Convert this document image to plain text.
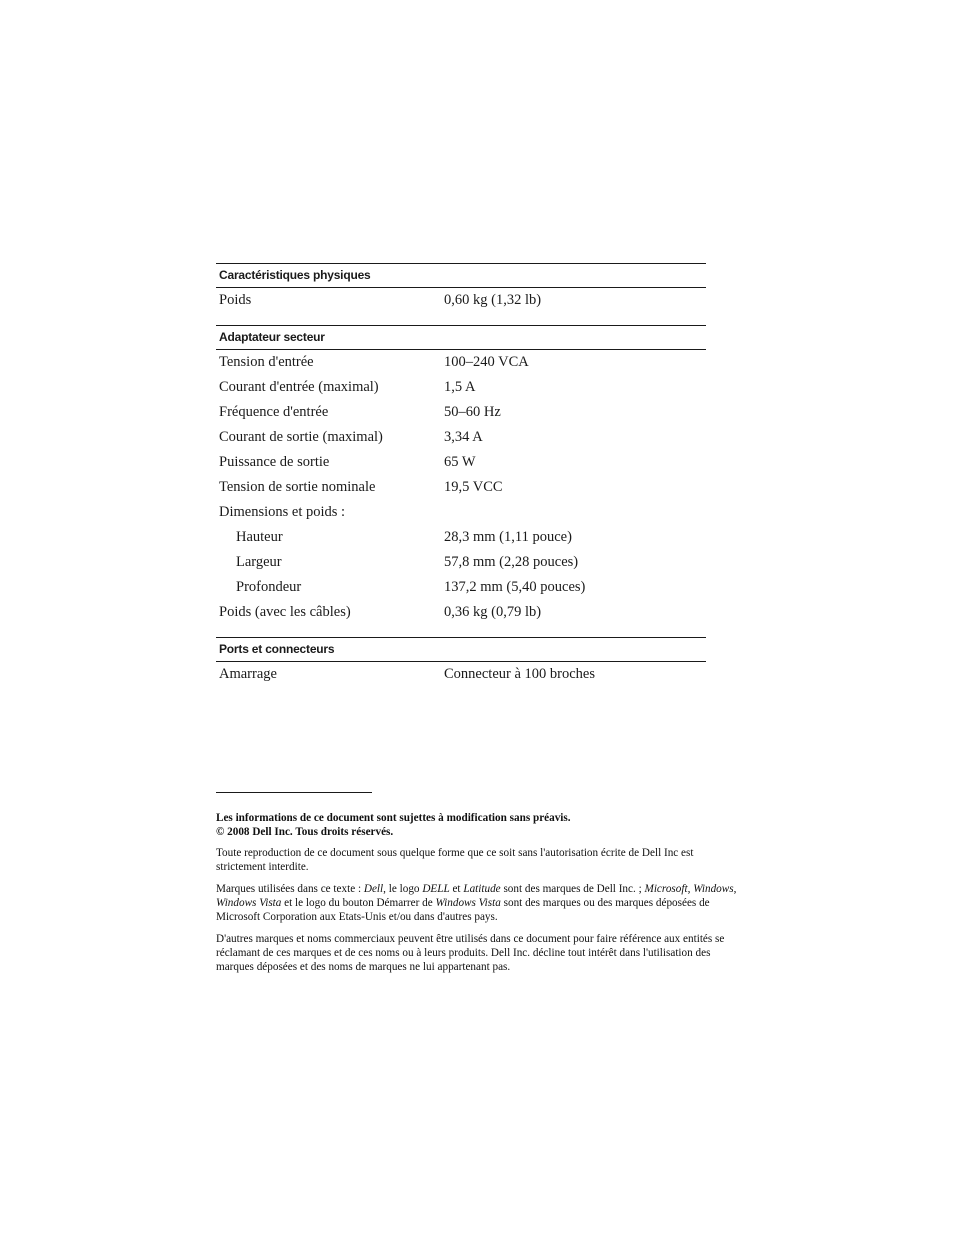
Caractéristiques physiques
Poids	0,60 kg (1,32 lb)
Adaptateur secteur
Tension d'entrée	100–240 VCA
Courant d'entrée (maximal)	1,5 A
Fréquence d'entrée	50–60 Hz
Courant de sortie (maximal)	3,34 A
Puissance de sortie	65 W
Tension de sortie nominale	19,5 VCC
Dimensions et poids :
Hauteur	28,3 mm (1,11 pouce)
Largeur	57,8 mm (2,28 pouces)
Profondeur	137,2 mm (5,40 pouces)
Poids (avec les câbles)	0,36 kg (0,79 lb)
Ports et connecteurs
Amarrage	Connecteur à 100 broches

Les informations de ce document sont sujettes à modification sans préavis.
© 2008 Dell Inc. Tous droits réservés.

Toute reproduction de ce document sous quelque forme que ce soit sans l'autorisation écrite de Dell Inc est strictement interdite.

Marques utilisées dans ce texte : Dell, le logo DELL et Latitude sont des marques de Dell Inc. ; Microsoft, Windows, Windows Vista et le logo du bouton Démarrer de Windows Vista sont des marques ou des marques déposées de Microsoft Corporation aux Etats-Unis et/ou dans d'autres pays.

D'autres marques et noms commerciaux peuvent être utilisés dans ce document pour faire référence aux entités se réclamant de ces marques et de ces noms ou à leurs produits. Dell Inc. décline tout intérêt dans l'utilisation des marques déposées et des noms de marques ne lui appartenant pas.
